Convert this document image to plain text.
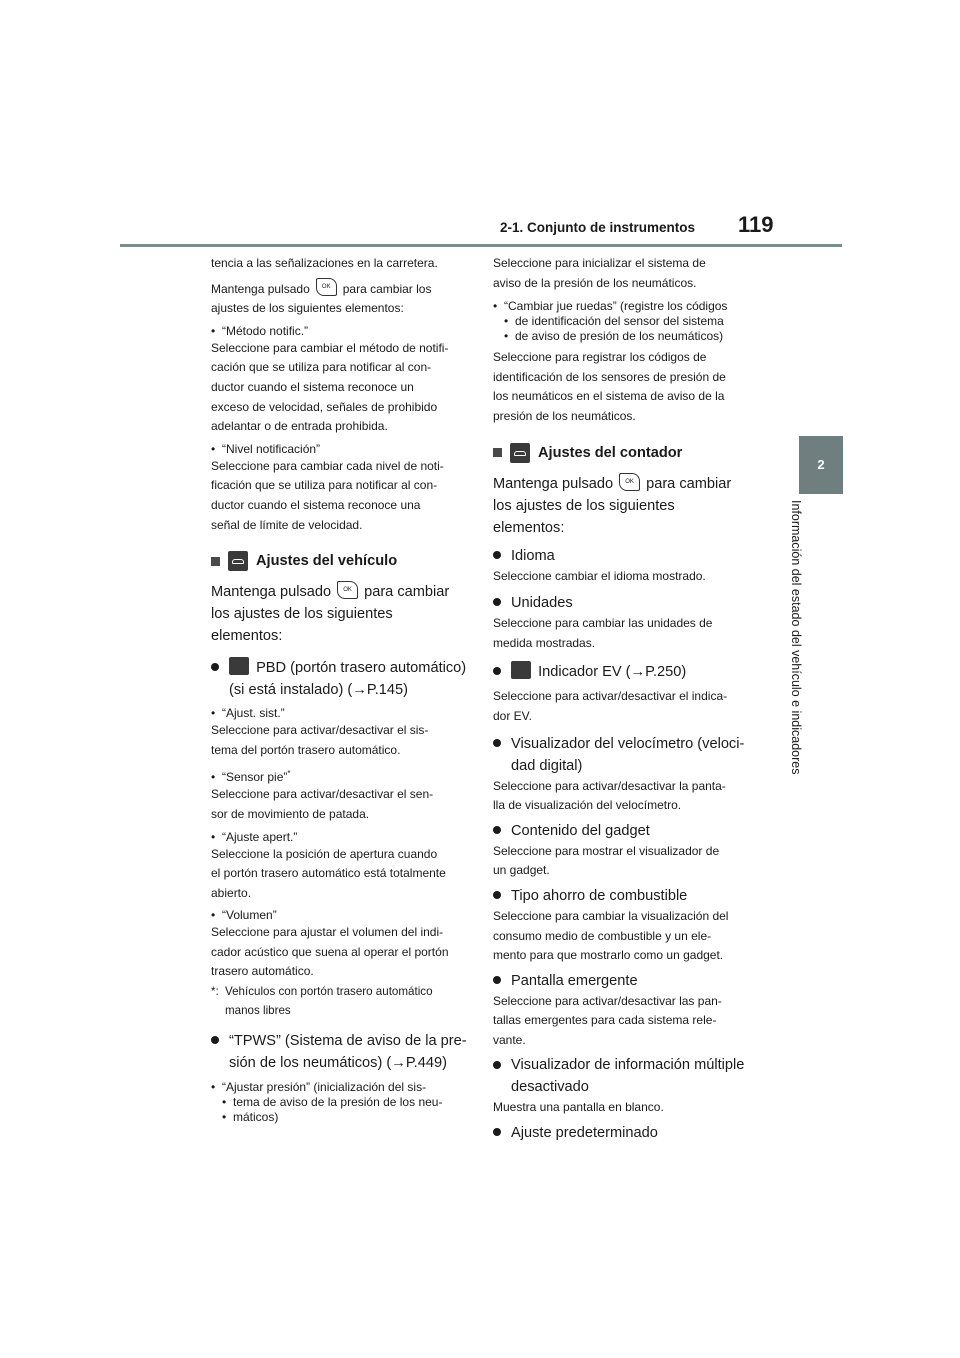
2-1. Conjunto de instrumentos 119
2
Información del estado del vehículo e indicadores

tencia a las señalizaciones en la carretera.

Mantenga pulsado OK para cambiar los

ajustes de los siguientes elementos:

• “Método notific.”

Seleccione para cambiar el método de notifi-

cación que se utiliza para notificar al con-

ductor cuando el sistema reconoce un

exceso de velocidad, señales de prohibido

adelantar o de entrada prohibida.

• “Nivel notificación”

Seleccione para cambiar cada nivel de noti-

ficación que se utiliza para notificar al con-

ductor cuando el sistema reconoce una

señal de límite de velocidad.

Ajustes del vehículo

Mantenga pulsado OK para cambiar

los ajustes de los siguientes elementos:

PBD (portón trasero automático)

(si está instalado) (→P.145)

• “Ajust. sist.”

Seleccione para activar/desactivar el sis-

tema del portón trasero automático.

• “Sensor pie”*

Seleccione para activar/desactivar el sen-

sor de movimiento de patada.

• “Ajuste apert.”

Seleccione la posición de apertura cuando

el portón trasero automático está totalmente

abierto.

• “Volumen”

Seleccione para ajustar el volumen del indi-

cador acústico que suena al operar el portón

trasero automático.

*: Vehículos con portón trasero automático

manos libres

“TPWS” (Sistema de aviso de la pre-

sión de los neumáticos) (→P.449)

• “Ajustar presión” (inicialización del sis-

• tema de aviso de la presión de los neu-

• máticos)

Seleccione para inicializar el sistema de

aviso de la presión de los neumáticos.

• “Cambiar jue ruedas” (registre los códigos

• de identificación del sensor del sistema

• de aviso de presión de los neumáticos)

Seleccione para registrar los códigos de

identificación de los sensores de presión de

los neumáticos en el sistema de aviso de la

presión de los neumáticos.

Ajustes del contador

Mantenga pulsado OK para cambiar

los ajustes de los siguientes elementos:

Idioma

Seleccione cambiar el idioma mostrado.

Unidades

Seleccione para cambiar las unidades de

medida mostradas.

Indicador EV (→P.250)

Seleccione para activar/desactivar el indica-

dor EV.

Visualizador del velocímetro (veloci-

dad digital)

Seleccione para activar/desactivar la panta-

lla de visualización del velocímetro.

Contenido del gadget

Seleccione para mostrar el visualizador de

un gadget.

Tipo ahorro de combustible

Seleccione para cambiar la visualización del

consumo medio de combustible y un ele-

mento para que mostrarlo como un gadget.

Pantalla emergente

Seleccione para activar/desactivar las pan-

tallas emergentes para cada sistema rele-

vante.

Visualizador de información múltiple

desactivado

Muestra una pantalla en blanco.

Ajuste predeterminado
